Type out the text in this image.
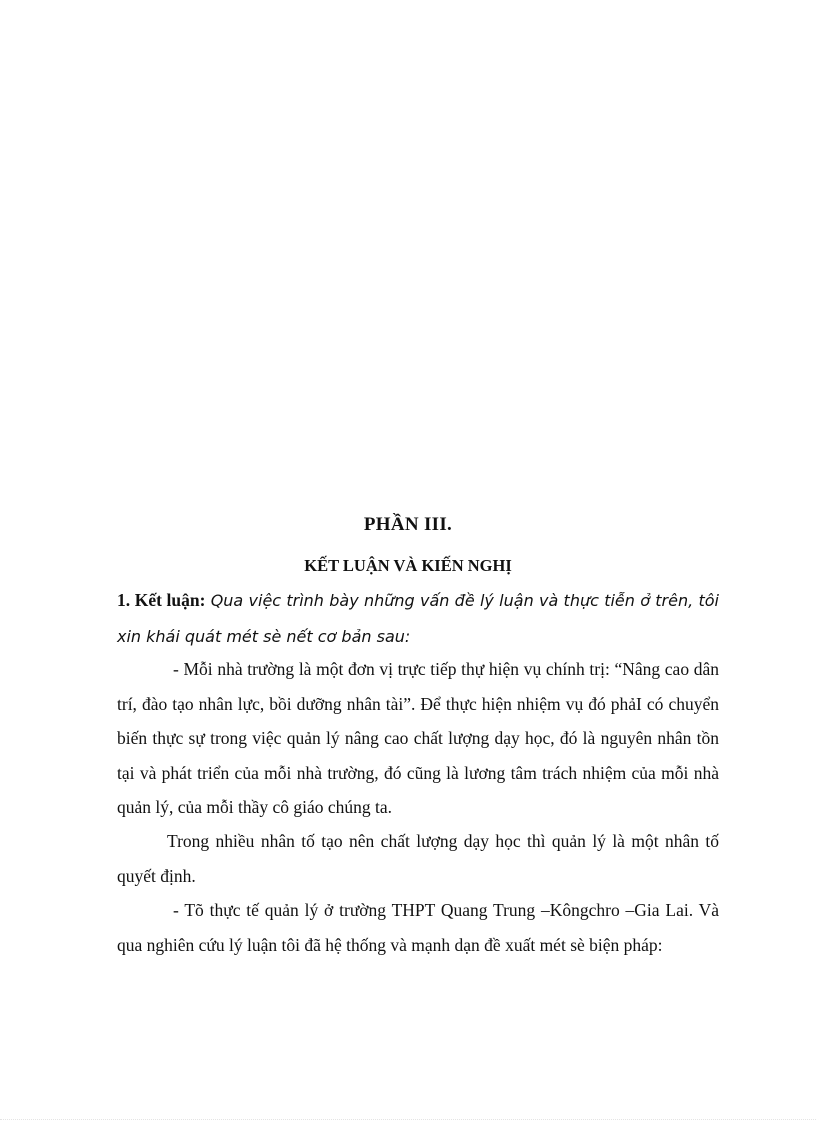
PHẦN III.
KẾT LUẬN VÀ KIẾN NGHỊ

1. Kết luận: Qua việc trình bày những vấn đề lý luận và thực tiễn ở trên, tôi xin khái quát mét sè nết cơ bản sau:

- Mỗi nhà trường là một đơn vị trực tiếp thự hiện vụ chính trị: “Nâng cao dân trí, đào tạo nhân lực, bồi dưỡng nhân tài”. Để thực hiện nhiệm vụ đó phảI có chuyển biến thực sự trong việc quản lý nâng cao chất lượng dạy học, đó là nguyên nhân tồn tại và phát triển của mỗi nhà trường, đó cũng là lương tâm trách nhiệm của mỗi nhà quản lý, của mỗi thầy cô giáo chúng ta.

Trong nhiều nhân tố tạo nên chất lượng dạy học thì quản lý là một nhân tố quyết định.

- Tõ thực tế quản lý ở trường THPT Quang Trung –Kôngchro –Gia Lai. Và qua nghiên cứu lý luận tôi đã hệ thống và mạnh dạn đề xuất mét sè biện pháp:
